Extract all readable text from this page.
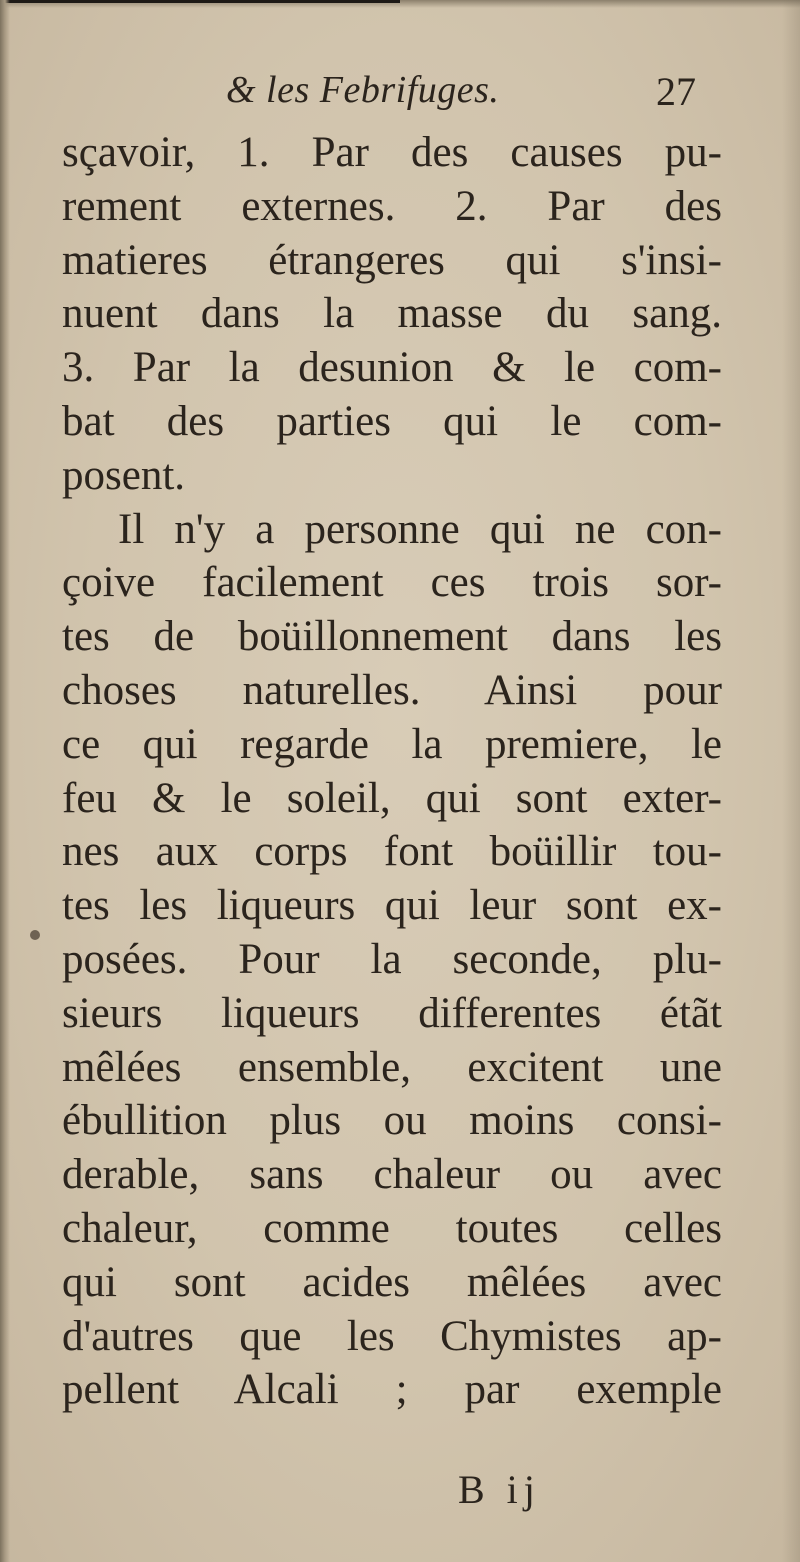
& les Febrifuges.	27
sçavoir, 1. Par des causes pu-
rement externes. 2. Par des
matieres étrangeres qui s'insi-
nuent dans la masse du sang.
3. Par la desunion & le com-
bat des parties qui le com-
posent.
Il n'y a personne qui ne con-
çoive facilement ces trois sor-
tes de boüillonnement dans les
choses naturelles. Ainsi pour
ce qui regarde la premiere, le
feu & le soleil, qui sont exter-
nes aux corps font boüillir tou-
tes les liqueurs qui leur sont ex-
posées. Pour la seconde, plu-
sieurs liqueurs differentes étãt
mêlées ensemble, excitent une
ébullition plus ou moins consi-
derable, sans chaleur ou avec
chaleur, comme toutes celles
qui sont acides mêlées avec
d'autres que les Chymistes ap-
pellent Alcali ; par exemple
B ij
